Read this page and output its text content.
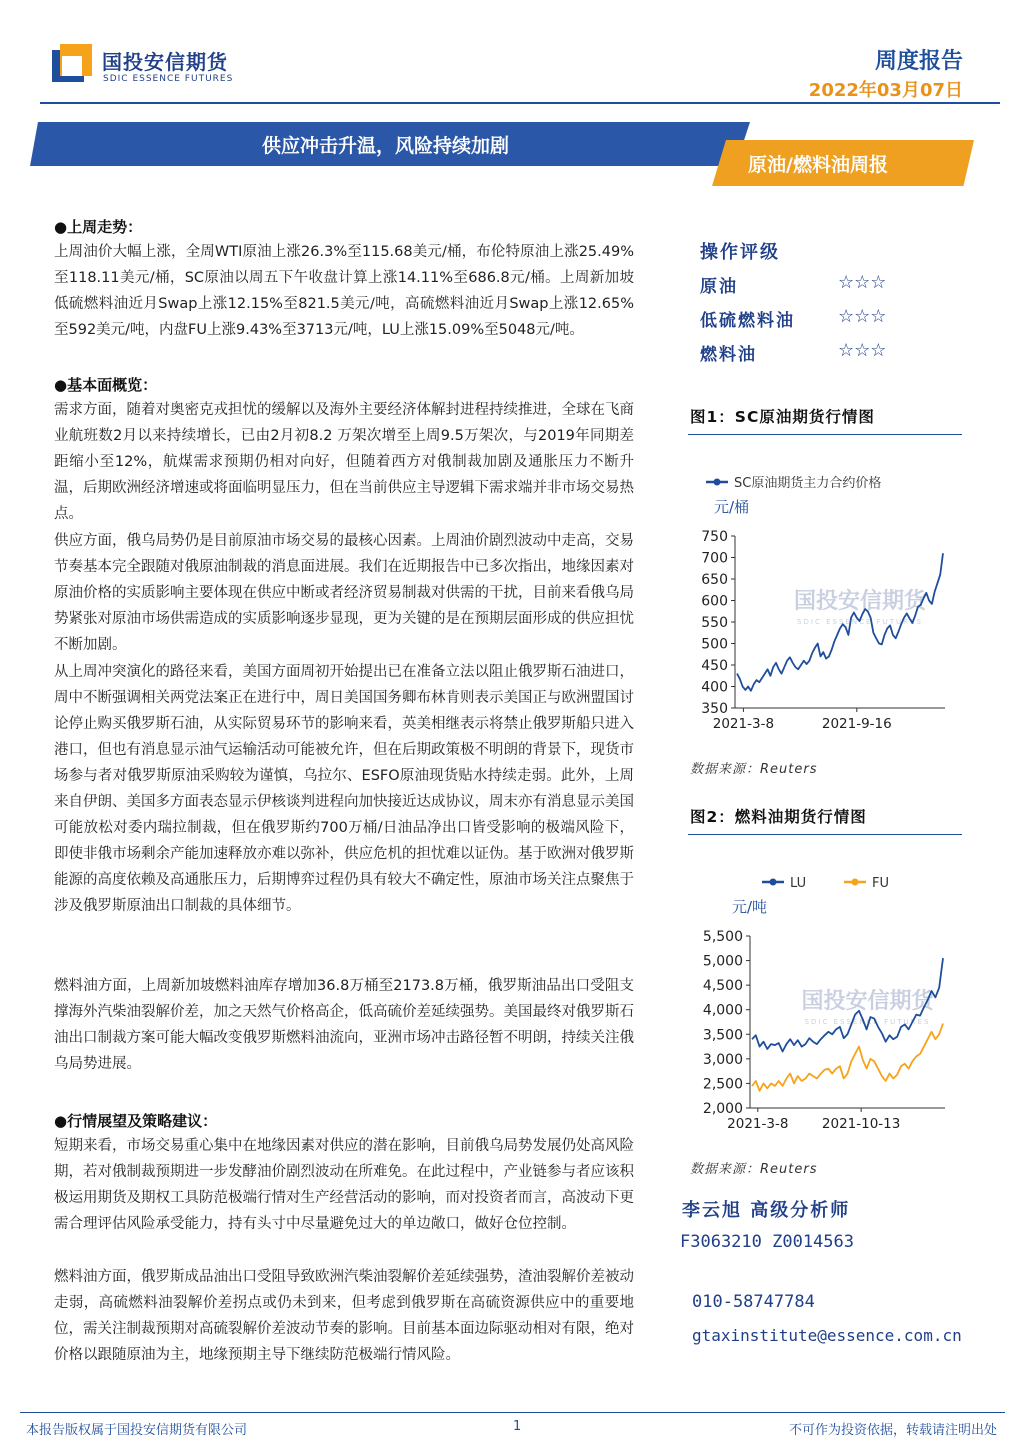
国投安信期货
SDIC ESSENCE FUTURES
周度报告
2022年03月07日
供应冲击升温，风险持续加剧
原油/燃料油周报
●上周走势：
上周油价大幅上涨，全周WTI原油上涨26.3%至115.68美元/桶，布伦特原油上涨25.49%至118.11美元/桶，SC原油以周五下午收盘计算上涨14.11%至686.8元/桶。上周新加坡低硫燃料油近月Swap上涨12.15%至821.5美元/吨，高硫燃料油近月Swap上涨12.65%至592美元/吨，内盘FU上涨9.43%至3713元/吨，LU上涨15.09%至5048元/吨。
●基本面概览：
需求方面，随着对奥密克戎担忧的缓解以及海外主要经济体解封进程持续推进，全球在飞商业航班数2月以来持续增长，已由2月初8.2 万架次增至上周9.5万架次，与2019年同期差距缩小至12%，航煤需求预期仍相对向好，但随着西方对俄制裁加剧及通胀压力不断升温，后期欧洲经济增速或将面临明显压力，但在当前供应主导逻辑下需求端并非市场交易热点。
供应方面，俄乌局势仍是目前原油市场交易的最核心因素。上周油价剧烈波动中走高，交易节奏基本完全跟随对俄原油制裁的消息面进展。我们在近期报告中已多次指出，地缘因素对原油价格的实质影响主要体现在供应中断或者经济贸易制裁对供需的干扰，目前来看俄乌局势紧张对原油市场供需造成的实质影响逐步显现，更为关键的是在预期层面形成的供应担忧不断加剧。
从上周冲突演化的路径来看，美国方面周初开始提出已在准备立法以阻止俄罗斯石油进口，周中不断强调相关两党法案正在进行中，周日美国国务卿布林肯则表示美国正与欧洲盟国讨论停止购买俄罗斯石油，从实际贸易环节的影响来看，英美相继表示将禁止俄罗斯船只进入港口，但也有消息显示油气运输活动可能被允许，但在后期政策极不明朗的背景下，现货市场参与者对俄罗斯原油采购较为谨慎，乌拉尔、ESFO原油现货贴水持续走弱。此外，上周来自伊朗、美国多方面表态显示伊核谈判进程向加快接近达成协议，周末亦有消息显示美国可能放松对委内瑞拉制裁，但在俄罗斯约700万桶/日油品净出口皆受影响的极端风险下，即使非俄市场剩余产能加速释放亦难以弥补，供应危机的担忧难以证伪。基于欧洲对俄罗斯能源的高度依赖及高通胀压力，后期博弈过程仍具有较大不确定性，原油市场关注点聚焦于涉及俄罗斯原油出口制裁的具体细节。
燃料油方面，上周新加坡燃料油库存增加36.8万桶至2173.8万桶，俄罗斯油品出口受阻支撑海外汽柴油裂解价差，加之天然气价格高企，低高硫价差延续强势。美国最终对俄罗斯石油出口制裁方案可能大幅改变俄罗斯燃料油流向，亚洲市场冲击路径暂不明朗，持续关注俄乌局势进展。
●行情展望及策略建议：
短期来看，市场交易重心集中在地缘因素对供应的潜在影响，目前俄乌局势发展仍处高风险期，若对俄制裁预期进一步发酵油价剧烈波动在所难免。在此过程中，产业链参与者应该积极运用期货及期权工具防范极端行情对生产经营活动的影响，而对投资者而言，高波动下更需合理评估风险承受能力，持有头寸中尽量避免过大的单边敞口，做好仓位控制。
燃料油方面，俄罗斯成品油出口受阻导致欧洲汽柴油裂解价差延续强势，渣油裂解价差被动走弱，高硫燃料油裂解价差拐点或仍未到来，但考虑到俄罗斯在高硫资源供应中的重要地位，需关注制裁预期对高硫裂解价差波动节奏的影响。目前基本面边际驱动相对有限，绝对价格以跟随原油为主，地缘预期主导下继续防范极端行情风险。
操作评级
原油	☆☆☆
低硫燃料油 ☆☆☆
燃料油	☆☆☆
图1：SC原油期货行情图
国投安信期货
SDIC ESSENCE FUTURES
SC原油期货主力合约价格
元/桶
350
400
450
500
550
600
650
700
750
2021-3-8	2021-9-16
数据来源：Reuters
图2：燃料油期货行情图
国投安信期货
SDIC ESSENCE FUTURES
LU	FU
元/吨
2,000
2,500
3,000
3,500
4,000
4,500
5,000
5,500
2021-3-8 2021-10-13
数据来源：Reuters
李云旭 高级分析师
F3063210 Z0014563
010-58747784
gtaxinstitute@essence.com.cn
本报告版权属于国投安信期货有限公司	1	不可作为投资依据，转载请注明出处
